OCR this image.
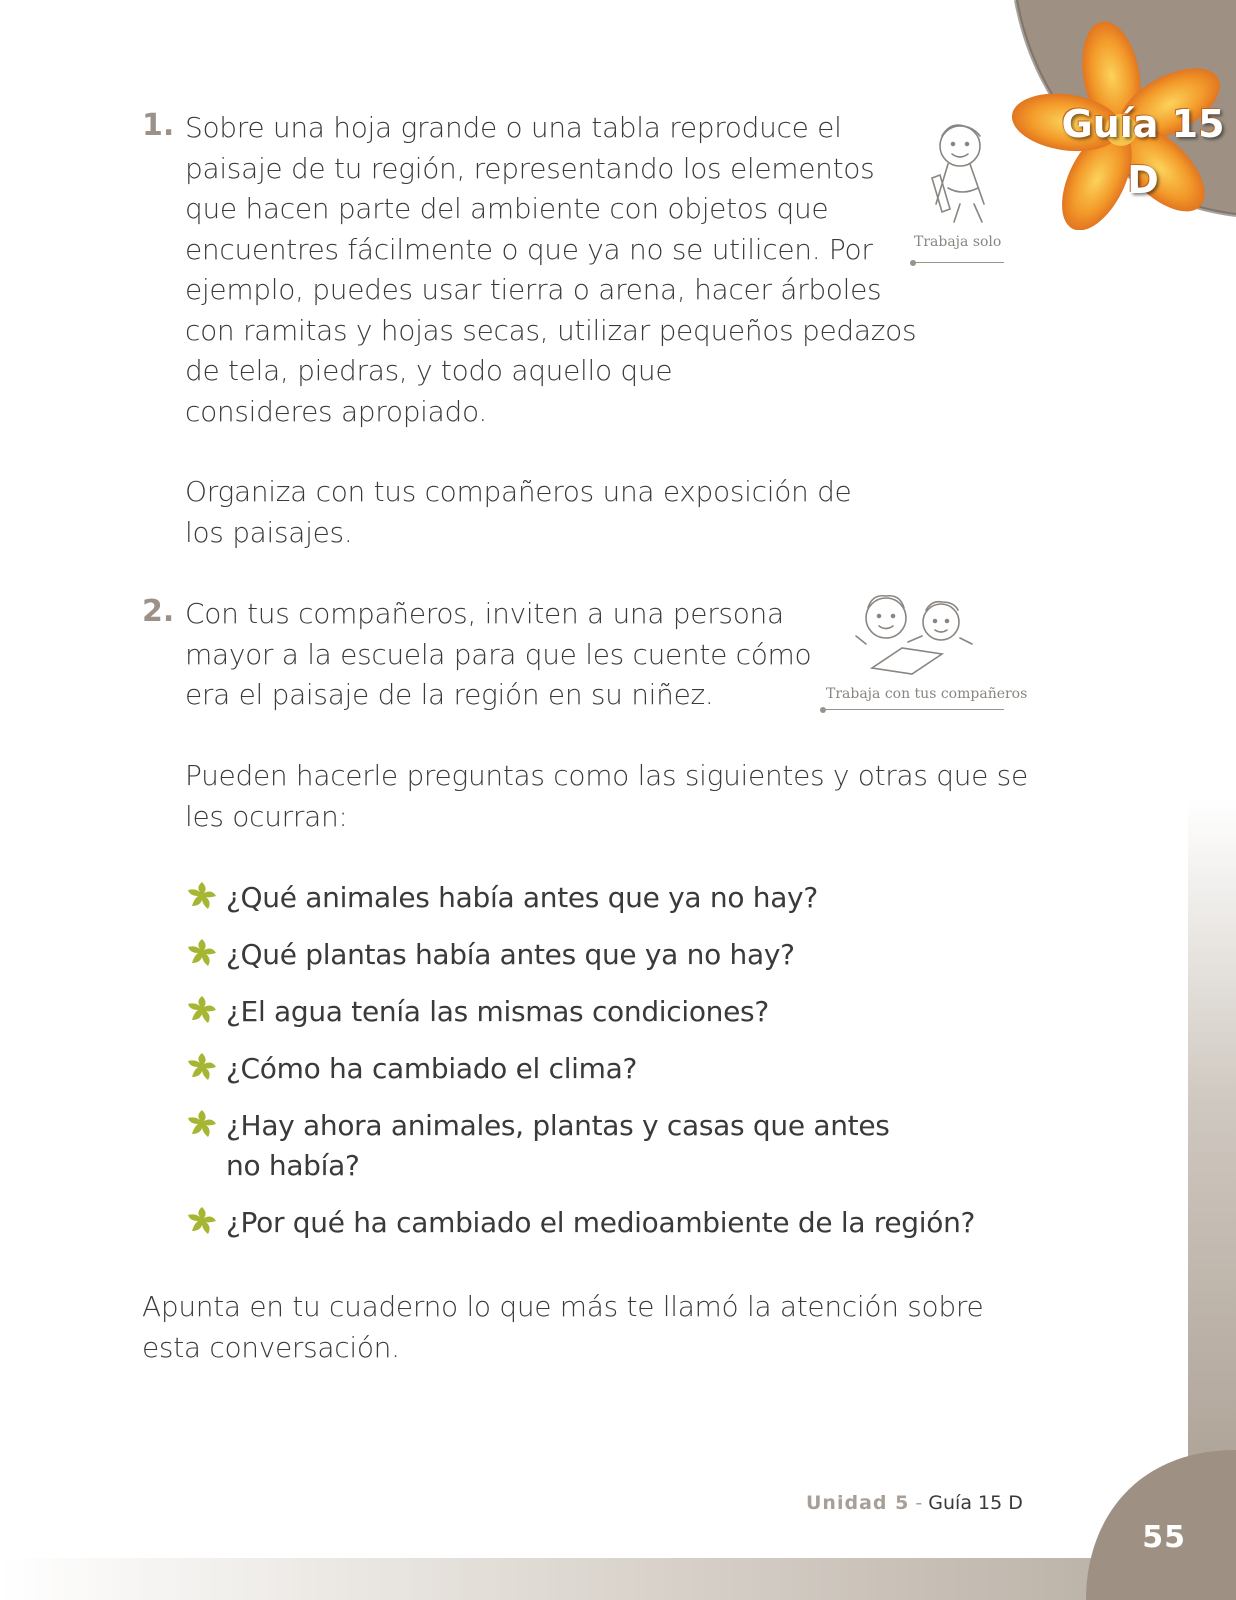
Guía 15
D
1. Sobre una hoja grande o una tabla reproduce el
paisaje de tu región, representando los elementos
que hacen parte del ambiente con objetos que
encuentres fácilmente o que ya no se utilicen. Por
ejemplo, puedes usar tierra o arena, hacer árboles
con ramitas y hojas secas, utilizar pequeños pedazos
de tela, piedras, y todo aquello que
consideres apropiado.
Trabaja solo
Organiza con tus compañeros una exposición de
los paisajes.
2. Con tus compañeros, inviten a una persona
mayor a la escuela para que les cuente cómo
era el paisaje de la región en su niñez.	Trabaja con tus compañeros
Pueden hacerle preguntas como las siguientes y otras que se
les ocurran:
¿Qué animales había antes que ya no hay?
¿Qué plantas había antes que ya no hay?
¿El agua tenía las mismas condiciones?
¿Cómo ha cambiado el clima?
¿Hay ahora animales, plantas y casas que antes
no había?
¿Por qué ha cambiado el medioambiente de la región?
Apunta en tu cuaderno lo que más te llamó la atención sobre
esta conversación.
Unidad 5 - Guía 15 D
55
